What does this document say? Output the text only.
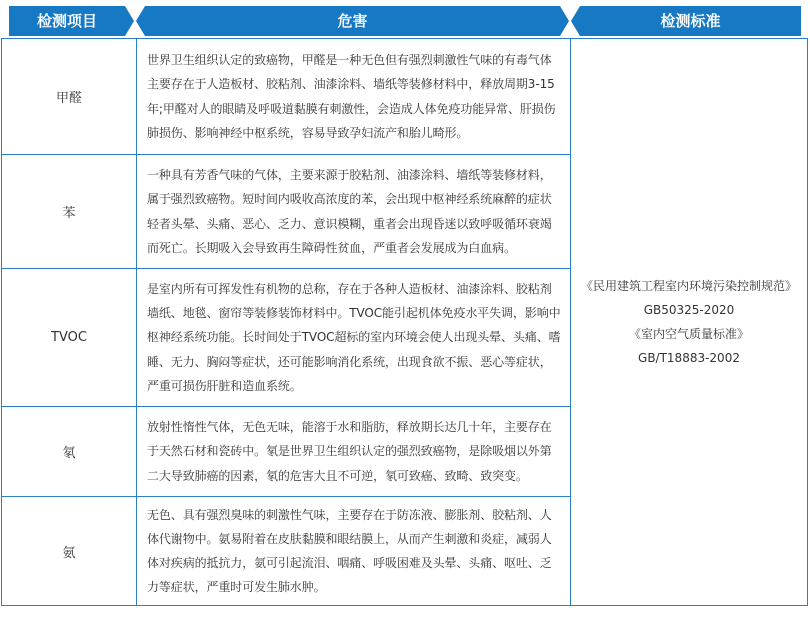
检测项目	危害	检测标准
甲醛
世界卫生组织认定的致癌物，甲醛是一种无色但有强烈刺激性气味的有毒气体主要存在于人造板材、胶粘剂、油漆涂料、墙纸等装修材料中，释放周期3-15年;甲醛对人的眼睛及呼吸道黏膜有刺激性，会造成人体免疫功能异常、肝损伤肺损伤、影响神经中枢系统，容易导致孕妇流产和胎儿畸形。
苯
一种具有芳香气味的气体，主要来源于胶粘剂、油漆涂料、墙纸等装修材料，属于强烈致癌物。短时间内吸收高浓度的苯，会出现中枢神经系统麻醉的症状轻者头晕、头痛、恶心、乏力、意识模糊，重者会出现昏迷以致呼吸循环衰竭而死亡。长期吸入会导致再生障碍性贫血，严重者会发展成为白血病。
TVOC
是室内所有可挥发性有机物的总称，存在于各种人造板材、油漆涂料、胶粘剂墙纸、地毯、窗帘等装修装饰材料中。TVOC能引起机体免疫水平失调，影响中枢神经系统功能。长时间处于TVOC超标的室内环境会使人出现头晕、头痛、嗜睡、无力、胸闷等症状，还可能影响消化系统，出现食欲不振、恶心等症状，严重可损伤肝脏和造血系统。
氡
放射性惰性气体，无色无味，能溶于水和脂肪，释放期长达几十年，主要存在于天然石材和瓷砖中。氡是世界卫生组织认定的强烈致癌物，是除吸烟以外第二大导致肺癌的因素，氡的危害大且不可逆，氡可致癌、致畸、致突变。
氨
无色、具有强烈臭味的刺激性气味，主要存在于防冻液、膨胀剂、胶粘剂、人体代谢物中。氨易附着在皮肤黏膜和眼结膜上，从而产生刺激和炎症，减弱人体对疾病的抵抗力，氨可引起流泪、咽痛、呼吸困难及头晕、头痛、呕吐、乏力等症状，严重时可发生肺水肿。
《民用建筑工程室内环境污染控制规范》
GB50325-2020
《室内空气质量标准》
GB/T18883-2002
